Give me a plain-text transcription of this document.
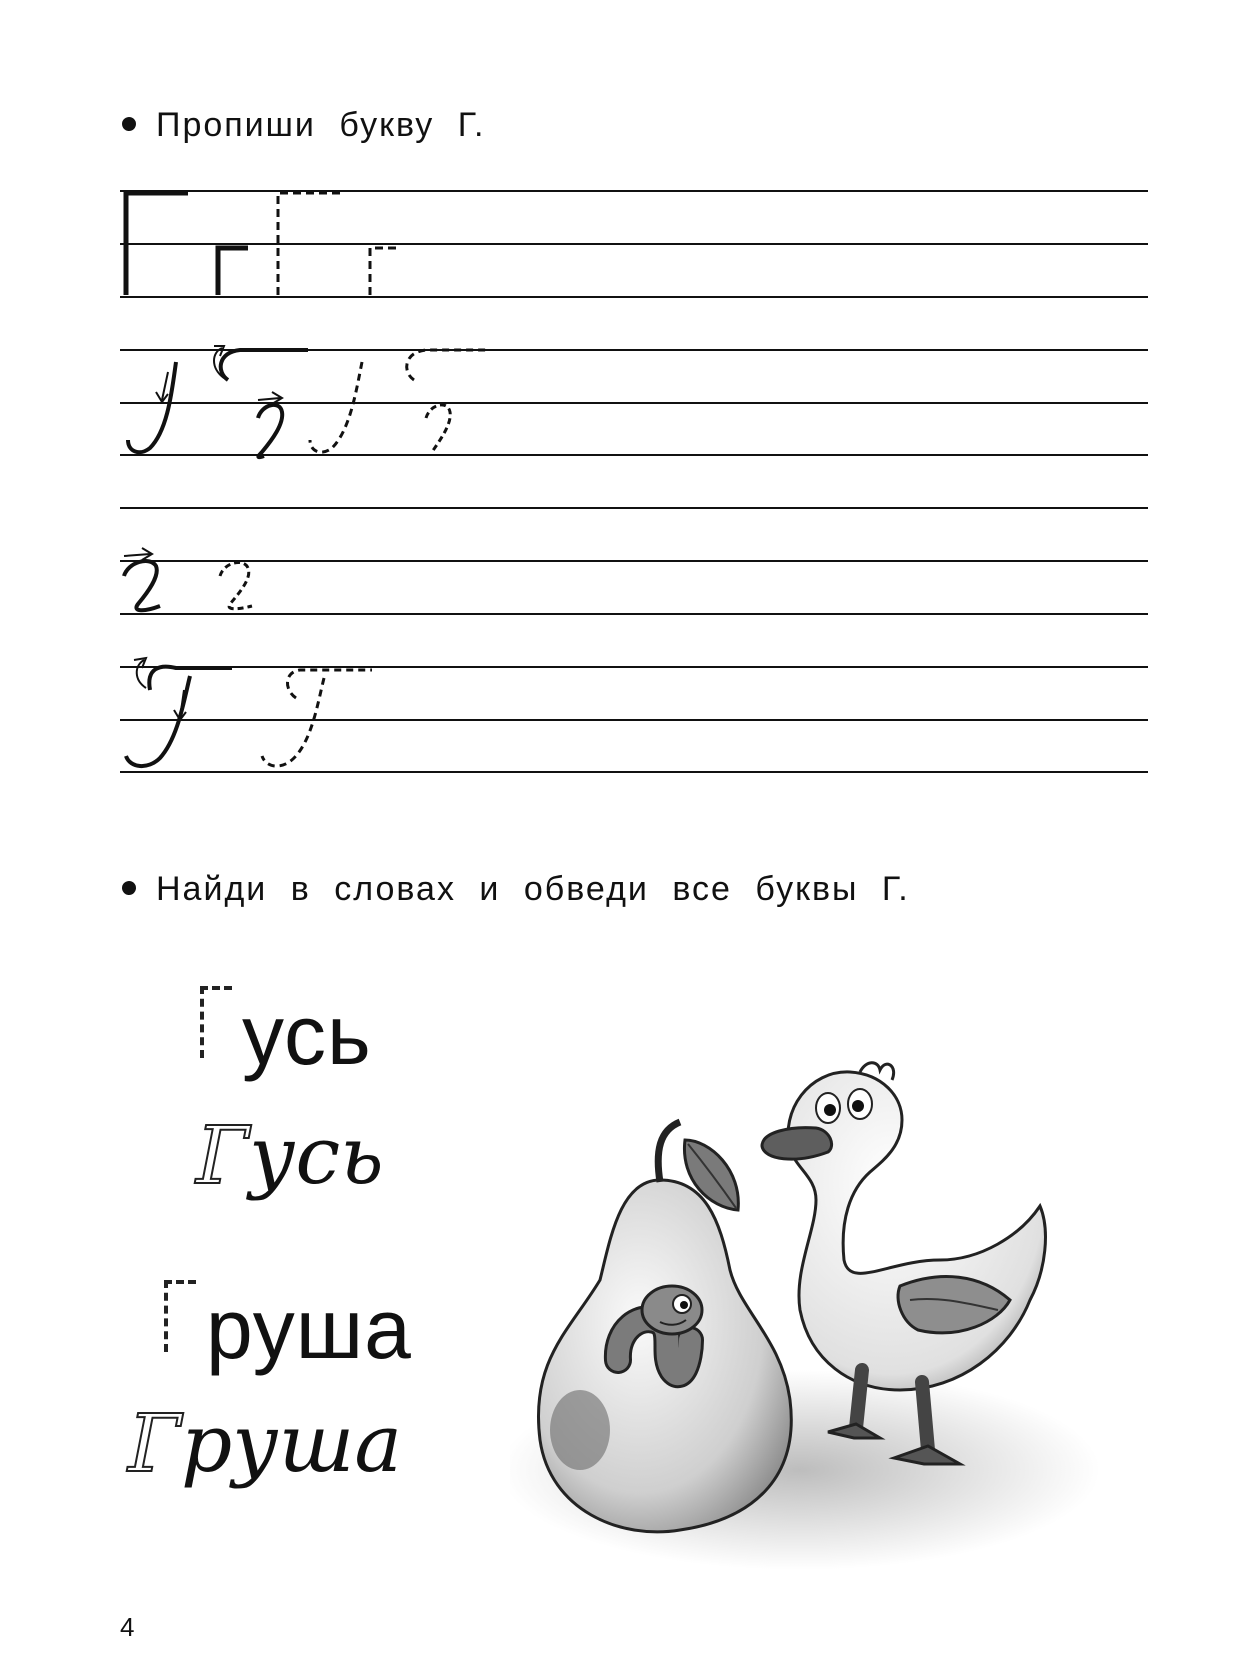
Пропиши букву Г.
Найди в словах и обведи все буквы Г.
усь
Гусь
руша
Груша
4
